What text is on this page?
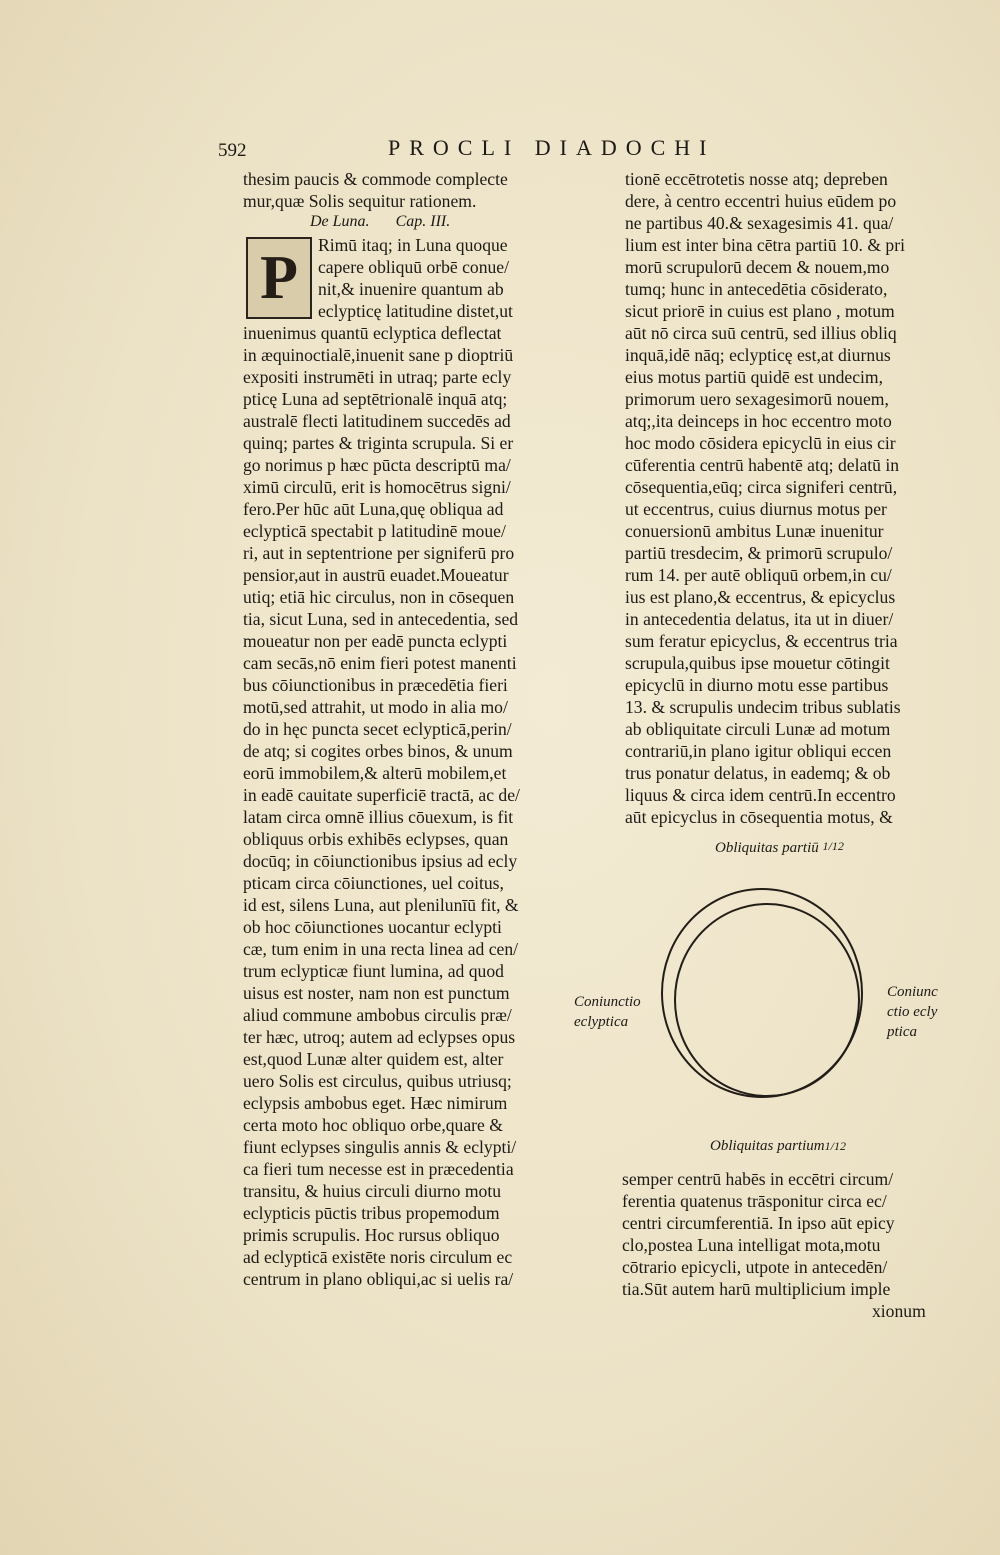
592	PROCLI DIADOCHI
thesim paucis & commode complecte
mur,quæ Solis sequitur rationem.
De Luna. Cap. III.
P Rimū itaq; in Luna quoque
capere obliquū orbē conue/
nit,& inuenire quantum ab
eclypticę latitudine distet,ut
inuenimus quantū eclyptica deflectat
in æquinoctialē,inuenit sane p dioptriū
expositi instrumēti in utraq; parte ecly
pticę Luna ad septētrionalē inquā atq;
australē flecti latitudinem succedēs ad
quinq; partes & triginta scrupula. Si er
go norimus p hæc pūcta descriptū ma/
ximū circulū, erit is homocētrus signi/
fero.Per hūc aūt Luna,quę obliqua ad
eclypticā spectabit p latitudinē moue/
ri, aut in septentrione per signiferū pro
pensior,aut in austrū euadet.Moueatur
utiq; etiā hic circulus, non in cōsequen
tia, sicut Luna, sed in antecedentia, sed
moueatur non per eadē puncta eclypti
cam secās,nō enim fieri potest manenti
bus cōiunctionibus in præcedētia fieri
motū,sed attrahit, ut modo in alia mo/
do in hęc puncta secet eclypticā,perin/
de atq; si cogites orbes binos, & unum
eorū immobilem,& alterū mobilem,et
in eadē cauitate superficiē tractā, ac de/
latam circa omnē illius cōuexum, is fit
obliquus orbis exhibēs eclypses, quan
docūq; in cōiunctionibus ipsius ad ecly
pticam circa cōiunctiones, uel coitus,
id est, silens Luna, aut plenilunīū fit, &
ob hoc cōiunctiones uocantur eclypti
cæ, tum enim in una recta linea ad cen/
trum eclypticæ fiunt lumina, ad quod
uisus est noster, nam non est punctum
aliud commune ambobus circulis præ/
ter hæc, utroq; autem ad eclypses opus
est,quod Lunæ alter quidem est, alter
uero Solis est circulus, quibus utriusq;
eclypsis ambobus eget. Hæc nimirum
certa moto hoc obliquo orbe,quare &
fiunt eclypses singulis annis & eclypti/
ca fieri tum necesse est in præcedentia
transitu, & huius circuli diurno motu
eclypticis pūctis tribus propemodum
primis scrupulis. Hoc rursus obliquo
ad eclypticā existēte noris circulum ec
centrum in plano obliqui,ac si uelis ra/
tionē eccētrotetis nosse atq; depreben
dere, à centro eccentri huius eūdem po
ne partibus 40.& sexagesimis 41. qua/
lium est inter bina cētra partiū 10. & pri
morū scrupulorū decem & nouem,mo
tumq; hunc in antecedētia cōsiderato,
sicut priorē in cuius est plano , motum
aūt nō circa suū centrū, sed illius obliq
inquā,idē nāq; eclypticę est,at diurnus
eius motus partiū quidē est undecim,
primorum uero sexagesimorū nouem,
atq;,ita deinceps in hoc eccentro moto
hoc modo cōsidera epicyclū in eius cir
cūferentia centrū habentē atq; delatū in
cōsequentia,eūq; circa signiferi centrū,
ut eccentrus, cuius diurnus motus per
conuersionū ambitus Lunæ inuenitur
partiū tresdecim, & primorū scrupulo/
rum 14. per autē obliquū orbem,in cu/
ius est plano,& eccentrus, & epicyclus
in antecedentia delatus, ita ut in diuer/
sum feratur epicyclus, & eccentrus tria
scrupula,quibus ipse mouetur cōtingit
epicyclū in diurno motu esse partibus
13. & scrupulis undecim tribus sublatis
ab obliquitate circuli Lunæ ad motum
contrariū,in plano igitur obliqui eccen
trus ponatur delatus, in eademq; & ob
liquus & circa idem centrū.In eccentro
aūt epicyclus in cōsequentia motus, &
Obliquitas partiū 1/12
Coniunctio
eclyptica
Coniunc
ctio ecly
ptica
Obliquitas partium 1/12
semper centrū habēs in eccētri circum/
ferentia quatenus trāsponitur circa ec/
centri circumferentiā. In ipso aūt epicy
clo,postea Luna intelligat mota,motu
cōtrario epicycli, utpote in antecedēn/
tia.Sūt autem harū multiplicium imple
xionum
